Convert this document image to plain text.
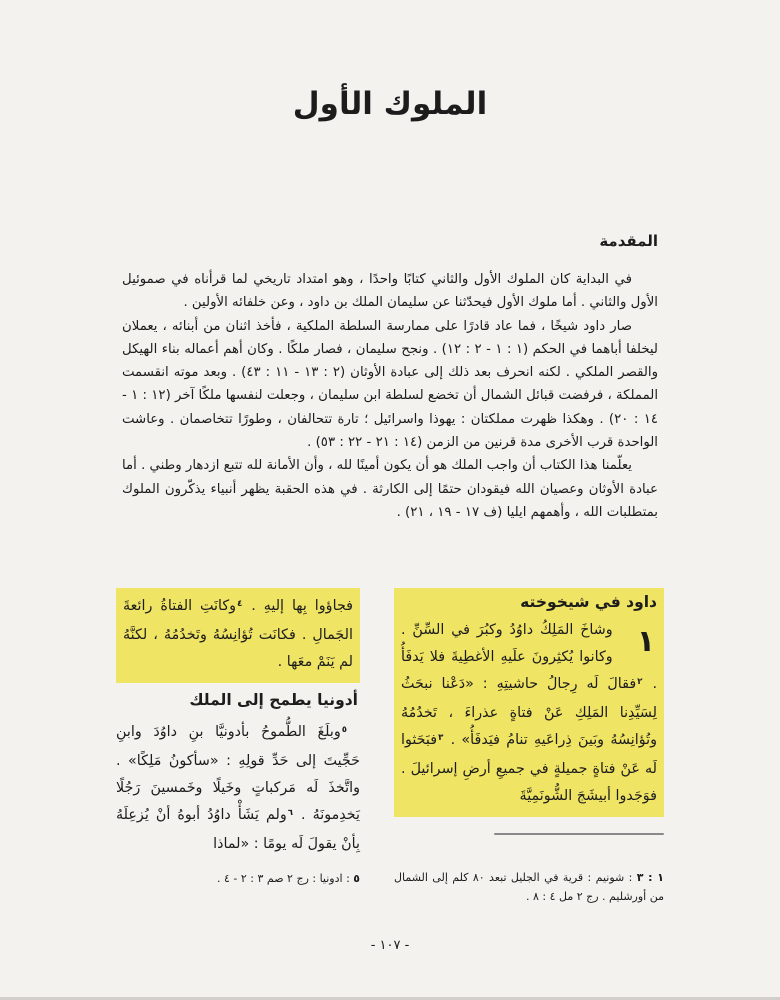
الملوك الأول
المقدمة

في البداية كان الملوك الأول والثاني كتابًا واحدًا ، وهو امتداد تاريخي لما قرأناه في صموئيل الأول والثاني . أما ملوك الأول فيحدّثنا عن سليمان الملك بن داود ، وعن خلفائه الأولين .

صار داود شيخًا ، فما عاد قادرًا على ممارسة السلطة الملكية ، فأخذ اثنان من أبنائه ، يعملان ليخلفا أباهما في الحكم (١ : ١ - ٢ : ١٢) . ونجح سليمان ، فصار ملكًا . وكان أهم أعماله بناء الهيكل والقصر الملكي . لكنه انحرف بعد ذلك إلى عبادة الأوثان (٢ : ١٣ - ١١ : ٤٣) . وبعد موته انقسمت المملكة ، فرفضت قبائل الشمال أن تخضع لسلطة ابن سليمان ، وجعلت لنفسها ملكًا آخر (١٢ : ١ - ١٤ : ٢٠) . وهكذا ظهرت مملكتان : يهوذا واسرائيل ؛ تارة تتحالفان ، وطورًا تتخاصمان . وعاشت الواحدة قرب الأخرى مدة قرنين من الزمن (١٤ : ٢١ - ٢٢ : ٥٣) .

يعلّمنا هذا الكتاب أن واجب الملك هو أن يكون أمينًا لله ، وأن الأمانة لله تتبع ازدهار وطني . أما عبادة الأوثان وعصيان الله فيقودان حتمًا إلى الكارثة . في هذه الحقبة يظهر أنبياء يذكّرون الملوك بمتطلبات الله ، وأهمهم ايليا (ف ١٧ - ١٩ ، ٢١) .

داود في شيخوخته

١
وشاخَ المَلِكُ داوُدُ وكبُرَ في السِّنِّ . وكانوا يُكثِرونَ علَيهِ الأغطِيةَ فلا يَدفَأُ . $^٢$فقالَ لَه رِجالُ حاشيتِهِ : «دَعْنا نبحَثُ لِسَيِّدِنا المَلِكِ عَنْ فتاةٍ عذراءَ ، تَخدُمُهُ وتُؤانِسُهُ وبَينَ ذِراعَيهِ تنامُ فيَدفَأُ» . $^٣$فبَحَثوا لَه عَنْ فتاةٍ جميلةٍ في جميعِ أرضِ إسرائيلَ . فوَجَدوا أبيشَجَ الشُّونَمِيَّةَ

فجاؤوا بِها إليهِ . $^٤$وكانَتِ الفتاةُ رائعةَ الجَمالِ . فكانَت تُؤانِسُهُ وتَخدُمُهُ ، لكنَّهُ لم يَنَمْ معَها .

أدونيا يطمح إلى الملك

$^٥$وبلَغَ الطُّموحُ بأدونيَّا بنِ داوُدَ وابنِ حَجِّيتَ إلى حَدِّ قولِهِ : «سأكونُ مَلِكًا» . واتَّخذَ لَه مَركباتٍ وخَيلًا وخَمسينَ رَجُلًا يَخدِمونَهُ . $^٦$ولم يَشَأْ داوُدُ أبوهُ أنْ يُزعِلَهُ بِأنْ يقولَ لَه يومًا : «لماذا

١ : ٣ : شونيم : قرية في الجليل تبعد ٨٠ كلم إلى الشمال من أورشليم . رج ٢ مل ٤ : ٨ .

٥ : ادونيا : رج ٢ صم ٣ : ٢ - ٤ .

- ١٠٧ -
